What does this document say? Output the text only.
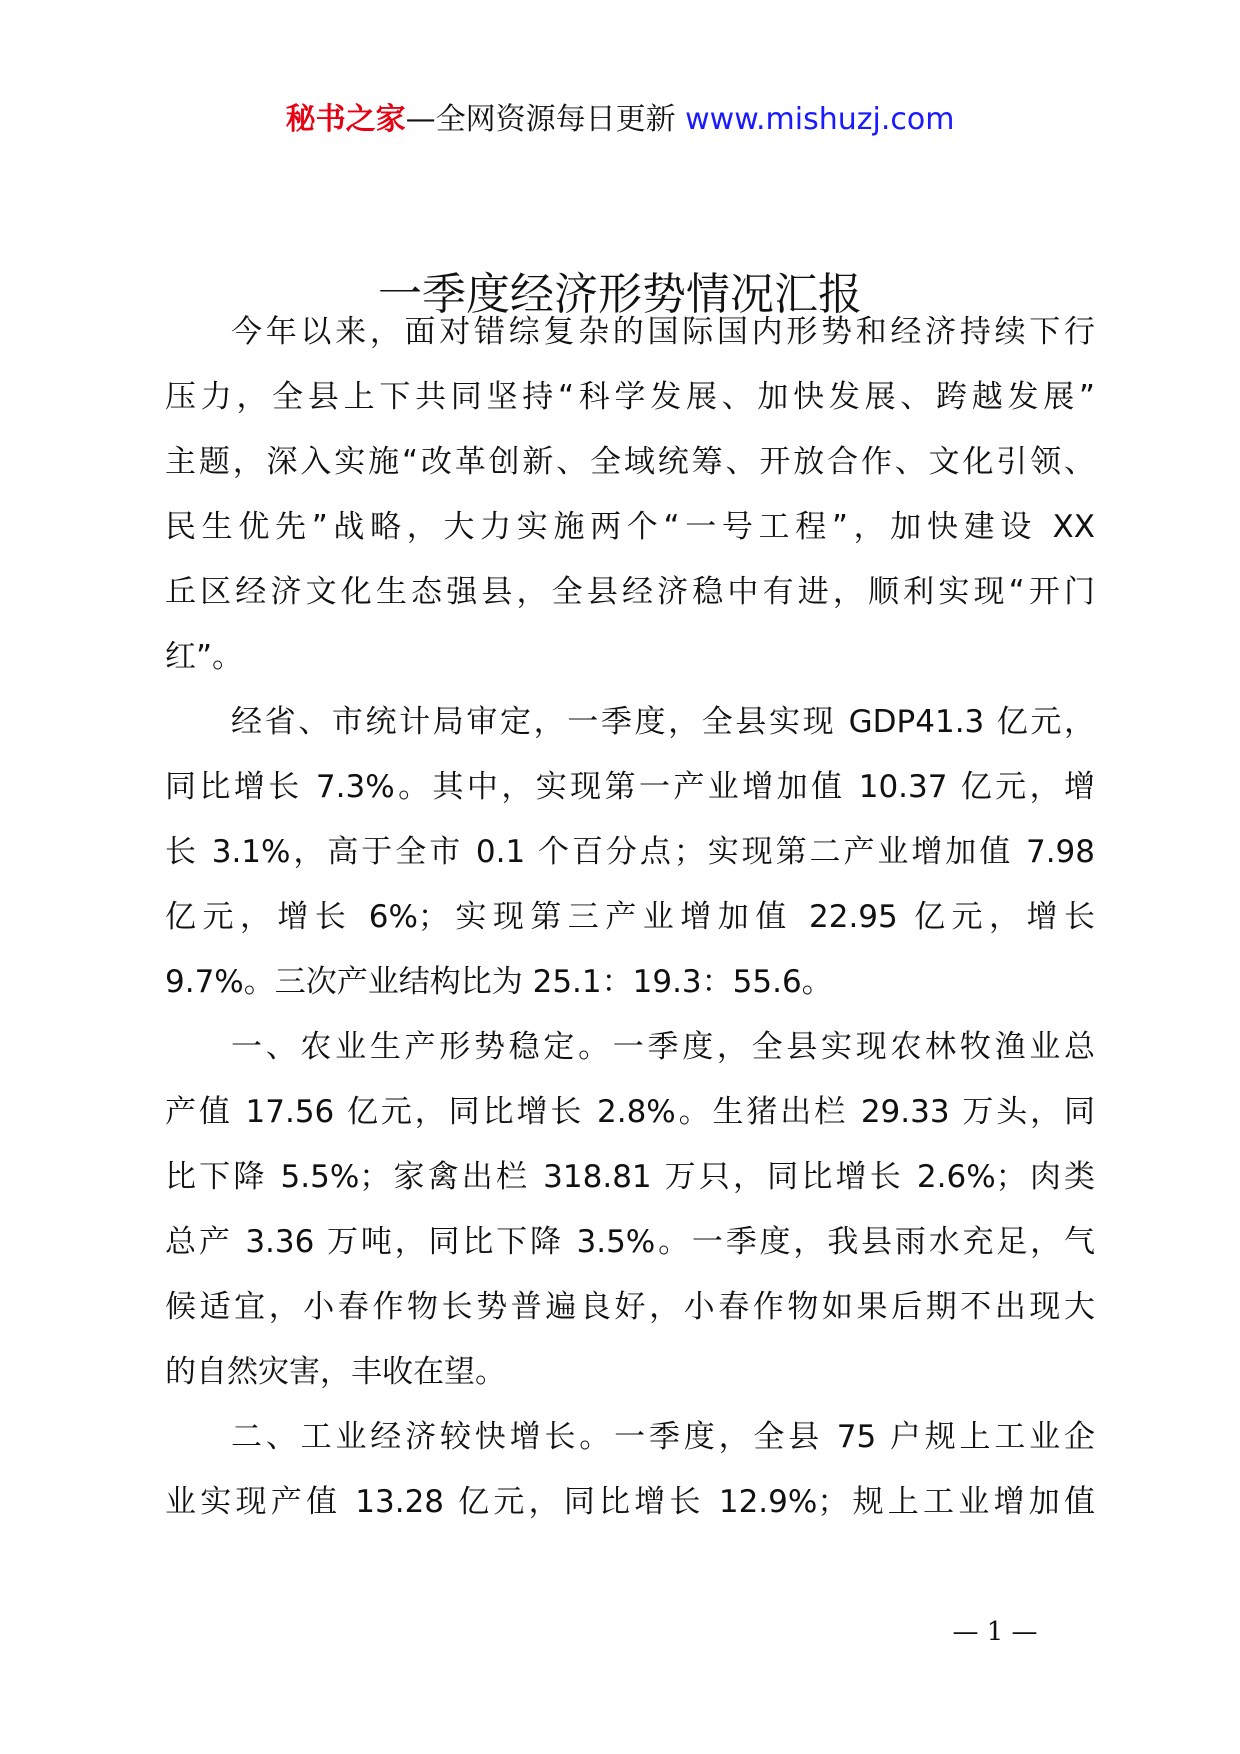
秘书之家—全网资源每日更新 www.mishuzj.com
一季度经济形势情况汇报
今年以来，面对错综复杂的国际国内形势和经济持续下行
压力，全县上下共同坚持“科学发展、加快发展、跨越发展”
主题，深入实施“改革创新、全域统筹、开放合作、文化引领、
民生优先”战略，大力实施两个“一号工程”，加快建设 XX
丘区经济文化生态强县，全县经济稳中有进，顺利实现“开门
红”。
经省、市统计局审定，一季度，全县实现 GDP41.3 亿元，
同比增长 7.3%。其中，实现第一产业增加值 10.37 亿元，增
长 3.1%，高于全市 0.1 个百分点；实现第二产业增加值 7.98
亿元，增长 6%；实现第三产业增加值 22.95 亿元，增长
9.7%。三次产业结构比为 25.1：19.3：55.6。
一、农业生产形势稳定。一季度，全县实现农林牧渔业总
产值 17.56 亿元，同比增长 2.8%。生猪出栏 29.33 万头，同
比下降 5.5%；家禽出栏 318.81 万只，同比增长 2.6%；肉类
总产 3.36 万吨，同比下降 3.5%。一季度，我县雨水充足，气
候适宜，小春作物长势普遍良好，小春作物如果后期不出现大
的自然灾害，丰收在望。
二、工业经济较快增长。一季度，全县 75 户规上工业企
业实现产值 13.28 亿元，同比增长 12.9%；规上工业增加值
— 1 —
